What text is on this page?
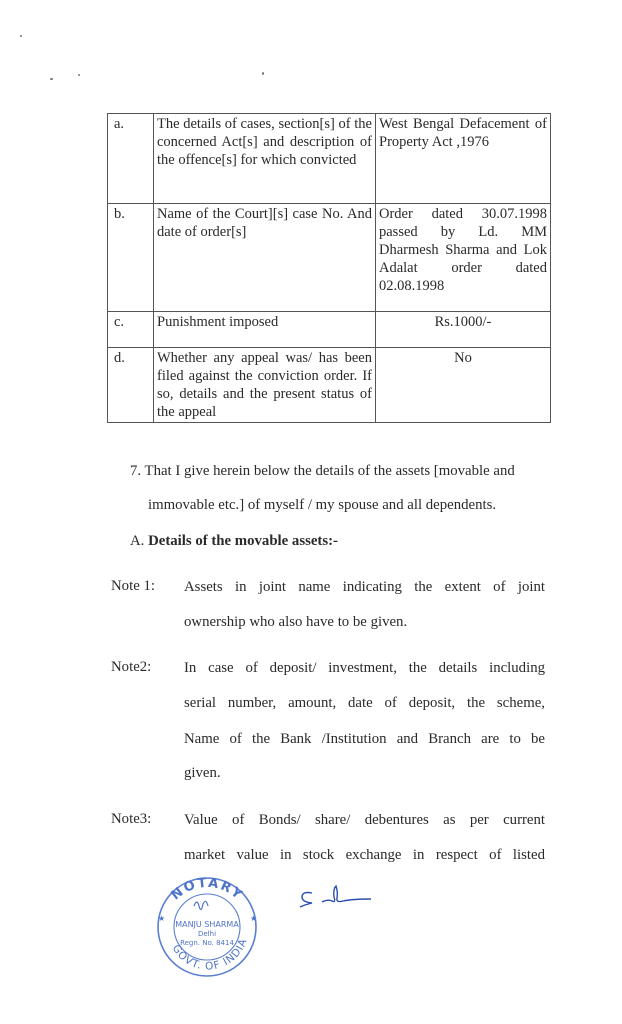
a.	The details of cases, section[s] of the concerned Act[s] and description of the offence[s] for which convicted	West Bengal Defacement of Property Act ,1976
b.	Name of the Court][s] case No. And date of order[s]	Order dated 30.07.1998 passed by Ld. MM Dharmesh Sharma and Lok Adalat order dated 02.08.1998
c.	Punishment imposed	Rs.1000/-
d.	Whether any appeal was/ has been filed against the conviction order. If so, details and the present status of the appeal	No
7. That I give herein below the details of the assets [movable and
immovable etc.] of myself / my spouse and all dependents.
A. Details of the movable assets:-
Note 1: Assets in joint name indicating the extent of joint
ownership who also have to be given.
Note2: In case of deposit/ investment, the details including
serial number, amount, date of deposit, the scheme,
Name of the Bank /Institution and Branch are to be
given.
Note3: Value of Bonds/ share/ debentures as per current
market value in stock exchange in respect of listed
NOTARY
GOVT. OF INDIA
★	★
MANJU SHARMA
Delhi
Regn. No. 8414
